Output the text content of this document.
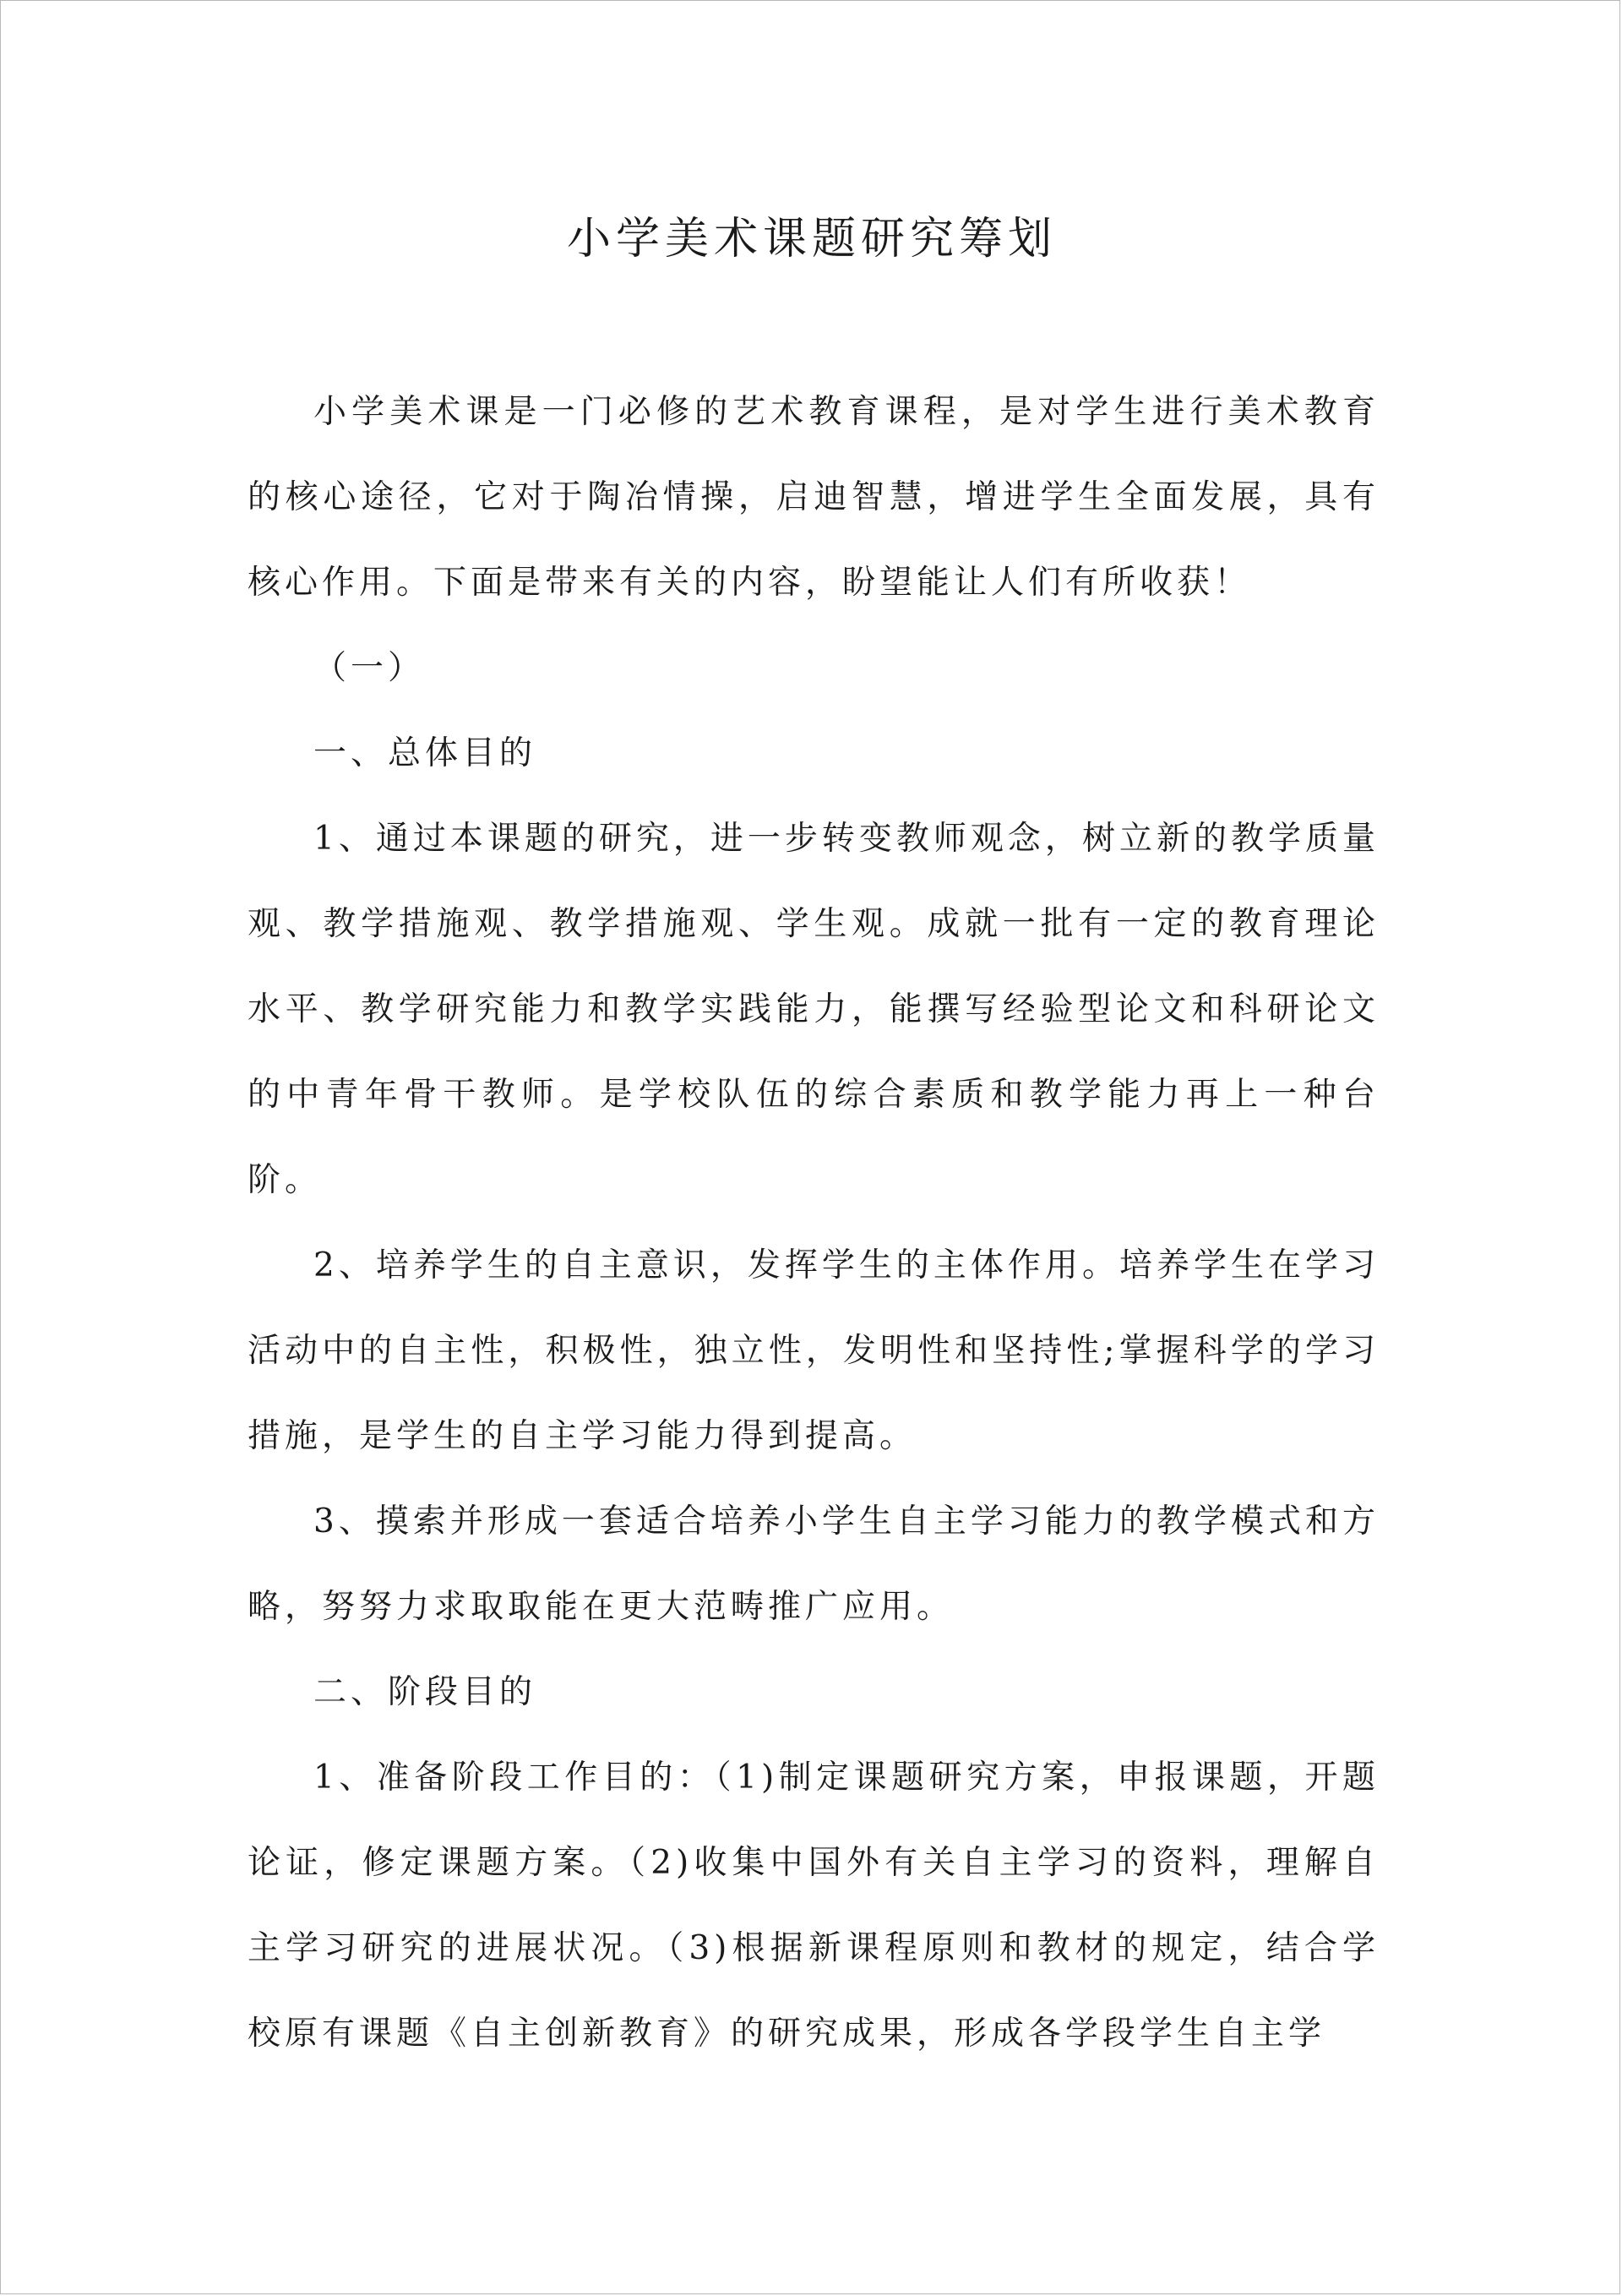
小学美术课题研究筹划

小学美术课是一门必修的艺术教育课程，是对学生进行美术教育的核心途径，它对于陶冶情操，启迪智慧，增进学生全面发展，具有核心作用。下面是带来有关的内容，盼望能让人们有所收获！

（一）

一、总体目的

1、通过本课题的研究，进一步转变教师观念，树立新的教学质量观、教学措施观、教学措施观、学生观。成就一批有一定的教育理论水平、教学研究能力和教学实践能力，能撰写经验型论文和科研论文的中青年骨干教师。是学校队伍的综合素质和教学能力再上一种台阶。

2、培养学生的自主意识，发挥学生的主体作用。培养学生在学习活动中的自主性，积极性，独立性，发明性和坚持性;掌握科学的学习措施，是学生的自主学习能力得到提高。

3、摸索并形成一套适合培养小学生自主学习能力的教学模式和方略，努努力求取取能在更大范畴推广应用。

二、阶段目的

1、准备阶段工作目的：（1)制定课题研究方案，申报课题，开题论证，修定课题方案。（2)收集中国外有关自主学习的资料，理解自主学习研究的进展状况。（3)根据新课程原则和教材的规定，结合学校原有课题《自主创新教育》的研究成果，形成各学段学生自主学
